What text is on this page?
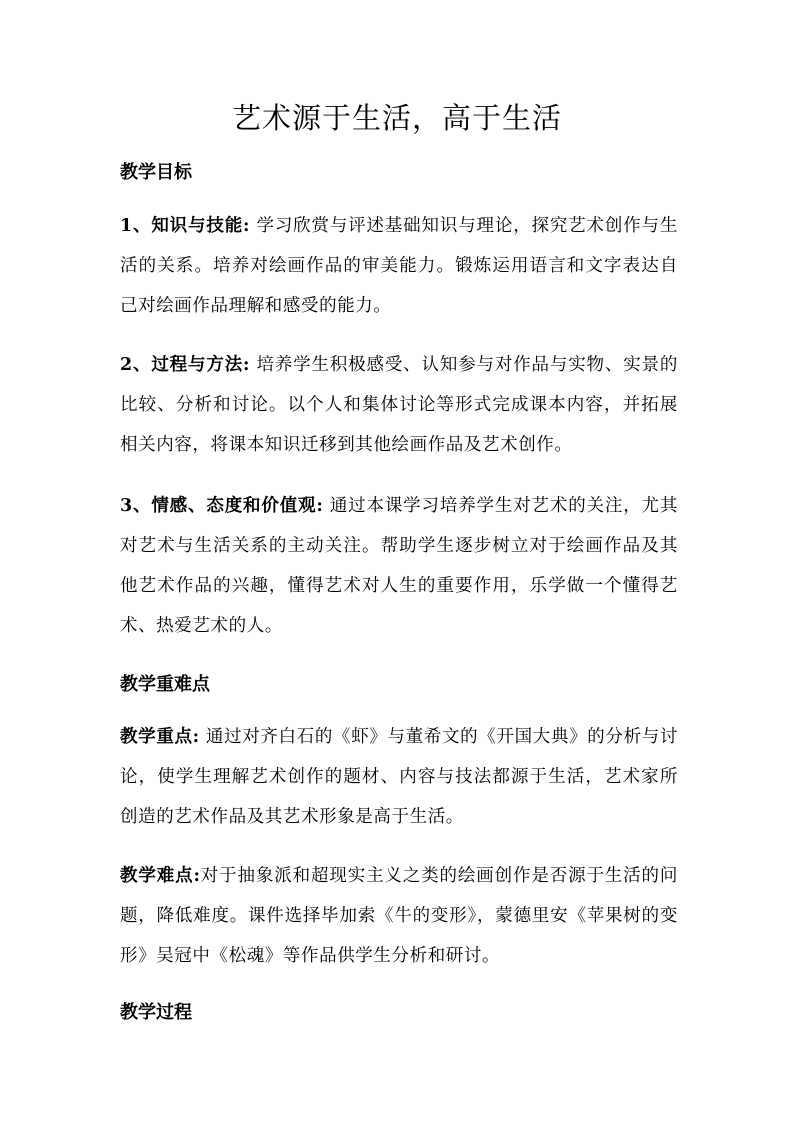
艺术源于生活，高于生活
教学目标

1、知识与技能: 学习欣赏与评述基础知识与理论，探究艺术创作与生活的关系。培养对绘画作品的审美能力。锻炼运用语言和文字表达自己对绘画作品理解和感受的能力。

2、过程与方法: 培养学生积极感受、认知参与对作品与实物、实景的比较、分析和讨论。以个人和集体讨论等形式完成课本内容，并拓展相关内容，将课本知识迁移到其他绘画作品及艺术创作。

3、情感、态度和价值观: 通过本课学习培养学生对艺术的关注，尤其对艺术与生活关系的主动关注。帮助学生逐步树立对于绘画作品及其他艺术作品的兴趣，懂得艺术对人生的重要作用，乐学做一个懂得艺术、热爱艺术的人。

教学重难点

教学重点: 通过对齐白石的《虾》与董希文的《开国大典》的分析与讨论，使学生理解艺术创作的题材、内容与技法都源于生活，艺术家所创造的艺术作品及其艺术形象是高于生活。

教学难点:对于抽象派和超现实主义之类的绘画创作是否源于生活的问题，降低难度。课件选择毕加索《牛的变形》，蒙德里安《苹果树的变形》吴冠中《松魂》等作品供学生分析和研讨。

教学过程
